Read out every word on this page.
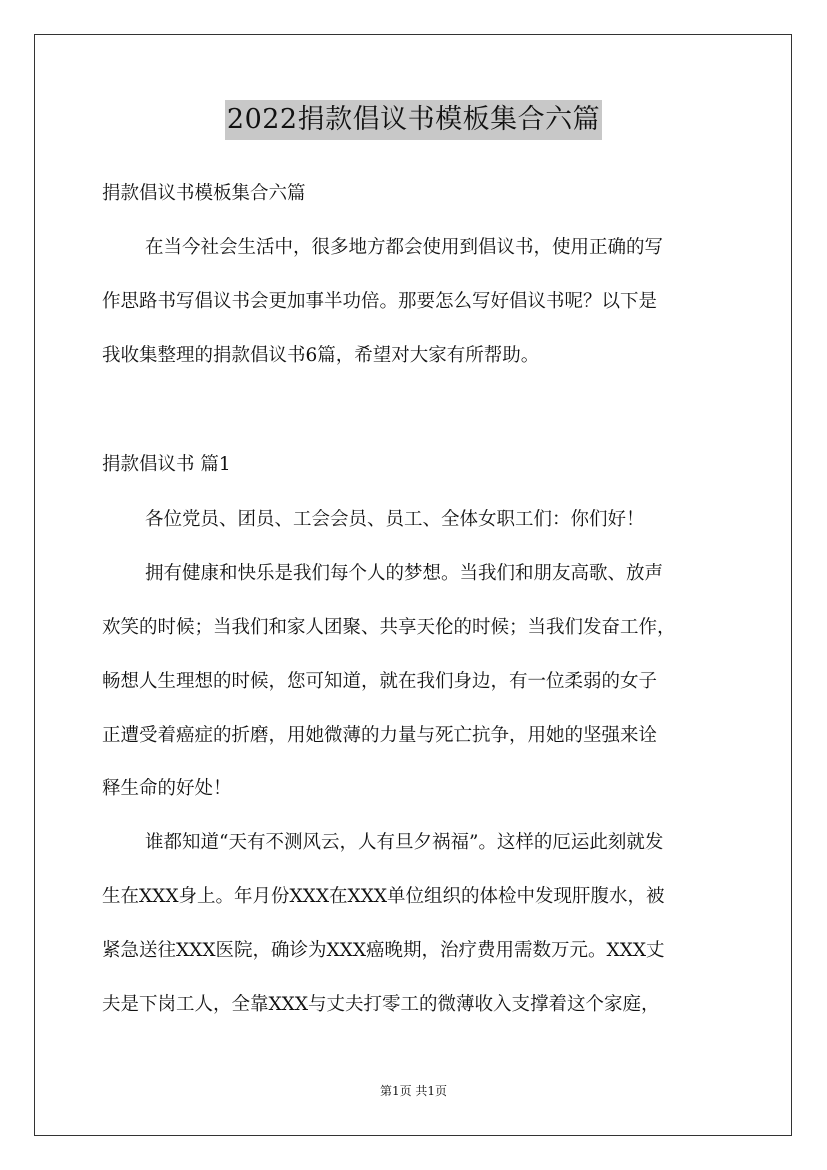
2022捐款倡议书模板集合六篇
捐款倡议书模板集合六篇
在当今社会生活中，很多地方都会使用到倡议书，使用正确的写
作思路书写倡议书会更加事半功倍。那要怎么写好倡议书呢？以下是
我收集整理的捐款倡议书6篇，希望对大家有所帮助。
捐款倡议书 篇1
各位党员、团员、工会会员、员工、全体女职工们：你们好！
拥有健康和快乐是我们每个人的梦想。当我们和朋友高歌、放声
欢笑的时候；当我们和家人团聚、共享天伦的时候；当我们发奋工作，
畅想人生理想的时候，您可知道，就在我们身边，有一位柔弱的女子
正遭受着癌症的折磨，用她微薄的力量与死亡抗争，用她的坚强来诠
释生命的好处！
谁都知道“天有不测风云，人有旦夕祸福”。这样的厄运此刻就发
生在XXX身上。年月份XXX在XXX单位组织的体检中发现肝腹水，被
紧急送往XXX医院，确诊为XXX癌晚期，治疗费用需数万元。XXX丈
夫是下岗工人，全靠XXX与丈夫打零工的微薄收入支撑着这个家庭，
第1页 共1页
